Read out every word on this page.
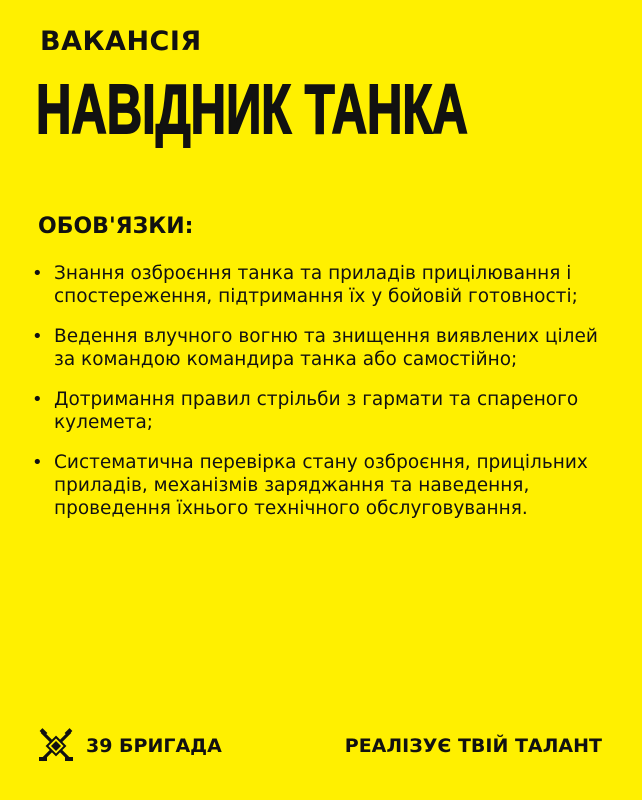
ВАКАНСІЯ
НАВІДНИК ТАНКА
ОБОВ'ЯЗКИ:
• Знання озброєння танка та приладів прицілювання і спостереження, підтримання їх у бойовій готовності;
• Ведення влучного вогню та знищення виявлених цілей за командою командира танка або самостійно;
• Дотримання правил стрільби з гармати та спареного кулемета;
• Систематична перевірка стану озброєння, прицільних приладів, механізмів заряджання та наведення, проведення їхнього технічного обслуговування.
39 БРИГАДА	РЕАЛІЗУЄ ТВІЙ ТАЛАНТ
